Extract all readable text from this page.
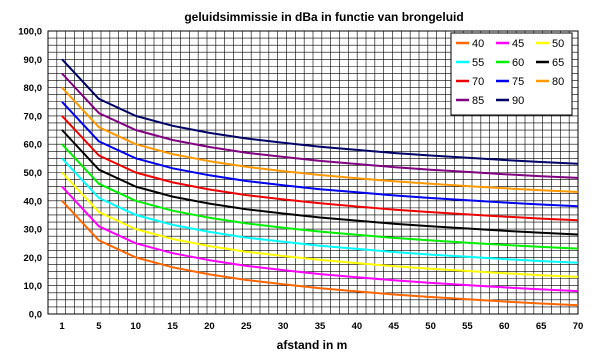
geluidsimmissie in dBa in functie van brongeluid
0,0
10,0
20,0
30,0
40,0
50,0
60,0
70,0
80,0
90,0
100,0
1	5	10	15	20	25	30	35	40	45	50	55	60	65	70
afstand in m
40	45	50
55	60	65
70	75	80
85	90
